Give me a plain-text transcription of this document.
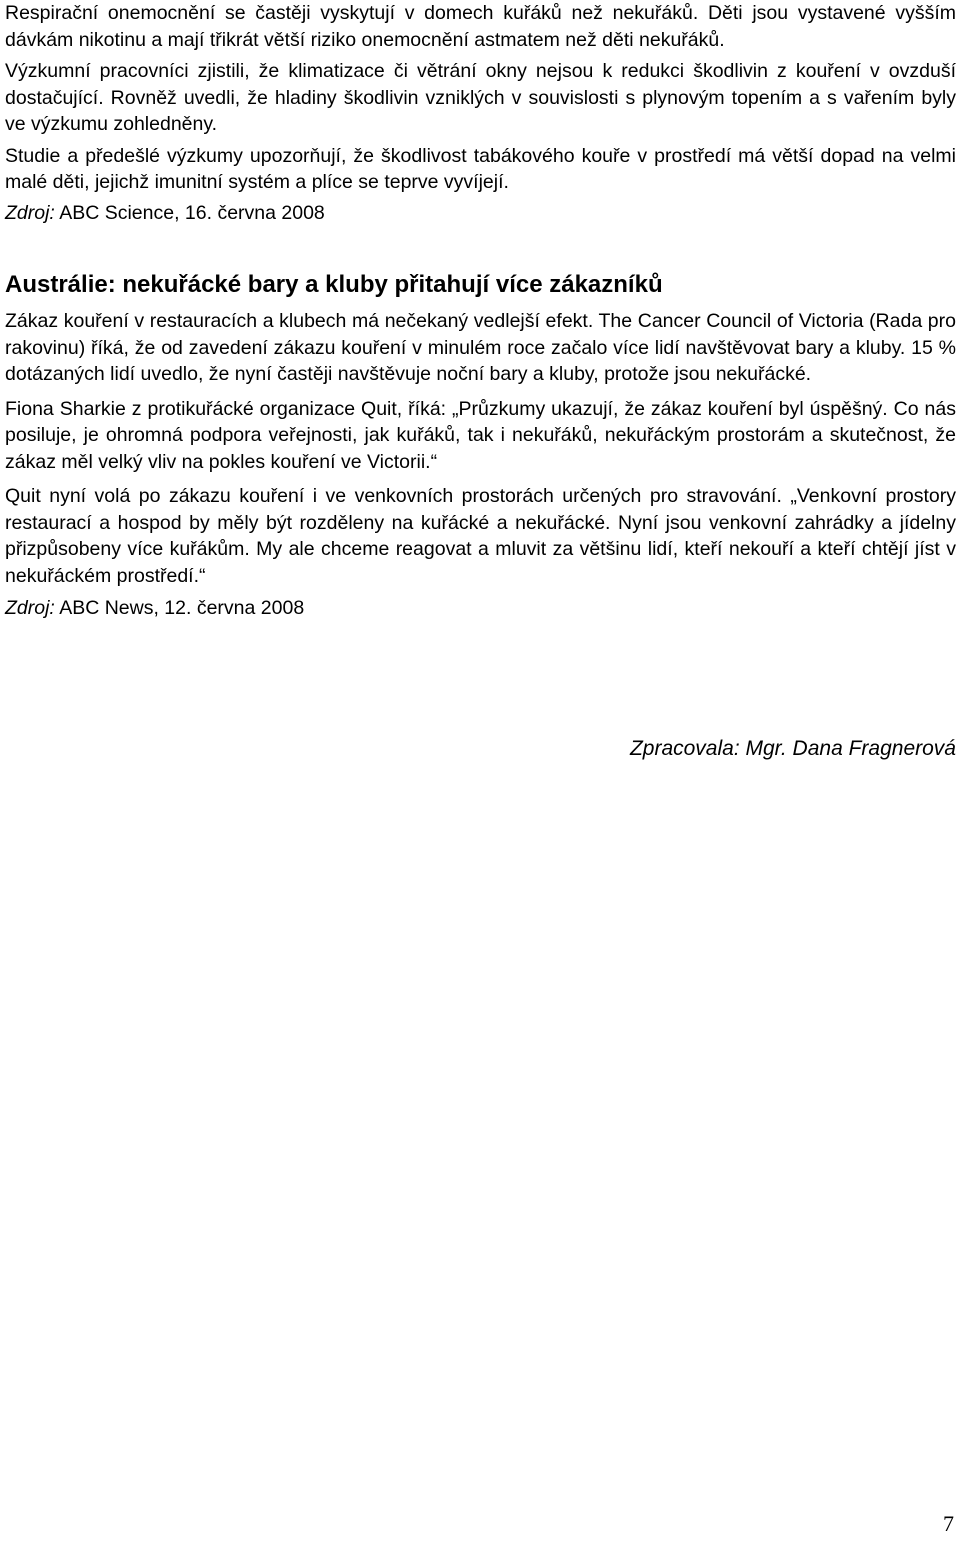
Respirační onemocnění se častěji vyskytují v domech kuřáků než nekuřáků. Děti jsou vystavené vyšším dávkám nikotinu a mají třikrát větší riziko onemocnění astmatem než děti nekuřáků.

Výzkumní pracovníci zjistili, že klimatizace či větrání okny nejsou k redukci škodlivin z kouření v ovzduší dostačující. Rovněž uvedli, že hladiny škodlivin vzniklých v souvislosti s plynovým topením a s vařením byly ve výzkumu zohledněny.

Studie a předešlé výzkumy upozorňují, že škodlivost tabákového kouře v prostředí má větší dopad na velmi malé děti, jejichž imunitní systém a plíce se teprve vyvíjejí.

Zdroj: ABC Science, 16. června 2008

Austrálie: nekuřácké bary a kluby přitahují více zákazníků

Zákaz kouření v restauracích a klubech má nečekaný vedlejší efekt. The Cancer Council of Victoria (Rada pro rakovinu) říká, že od zavedení zákazu kouření v minulém roce začalo více lidí navštěvovat bary a kluby. 15 % dotázaných lidí uvedlo, že nyní častěji navštěvuje noční bary a kluby, protože jsou nekuřácké.

Fiona Sharkie z protikuřácké organizace Quit, říká: „Průzkumy ukazují, že zákaz kouření byl úspěšný. Co nás posiluje, je ohromná podpora veřejnosti, jak kuřáků, tak i nekuřáků, nekuřáckým prostorám a skutečnost, že zákaz měl velký vliv na pokles kouření ve Victorii.“

Quit nyní volá po zákazu kouření i ve venkovních prostorách určených pro stravování. „Venkovní prostory restaurací a hospod by měly být rozděleny na kuřácké a nekuřácké. Nyní jsou venkovní zahrádky a jídelny přizpůsobeny více kuřákům. My ale chceme reagovat a mluvit za většinu lidí, kteří nekouří a kteří chtějí jíst v nekuřáckém prostředí.“

Zdroj: ABC News, 12. června 2008

Zpracovala: Mgr. Dana Fragnerová
7
